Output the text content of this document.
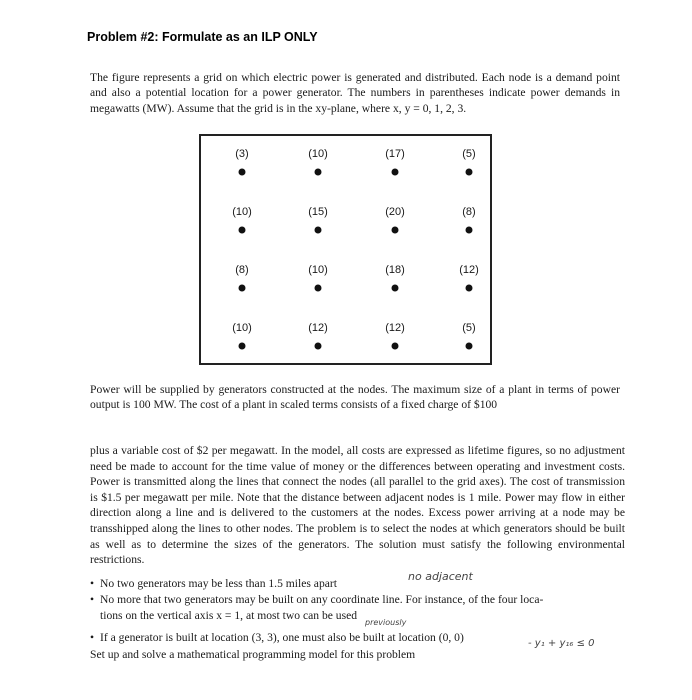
Problem #2: Formulate as an ILP ONLY

The figure represents a grid on which electric power is generated and distributed. Each node is a demand point and also a potential location for a power generator. The numbers in parentheses indicate power demands in megawatts (MW). Assume that the grid is in the xy-plane, where x, y = 0, 1, 2, 3.

(3)	(10)	(17)	(5)
(10)	(15)	(20)	(8)
(8)	(10)	(18)	(12)
(10)	(12)	(12)	(5)

Power will be supplied by generators constructed at the nodes. The maximum size of a plant in terms of power output is 100 MW. The cost of a plant in scaled terms consists of a fixed charge of $100

plus a variable cost of $2 per megawatt. In the model, all costs are expressed as lifetime figures, so no adjustment need be made to account for the time value of money or the differences between operating and investment costs. Power is transmitted along the lines that connect the nodes (all parallel to the grid axes). The cost of transmission is $1.5 per megawatt per mile. Note that the distance between adjacent nodes is 1 mile. Power may flow in either direction along a line and is delivered to the customers at the nodes. Excess power arriving at a node may be transshipped along the lines to other nodes. The problem is to select the nodes at which generators should be built as well as to determine the sizes of the generators. The solution must satisfy the following environmental restrictions.

• No two generators may be less than 1.5 miles apart
• No more that two generators may be built on any coordinate line. For instance, of the four loca-
tions on the vertical axis x = 1, at most two can be used
• If a generator is built at location (3, 3), one must also be built at location (0, 0)
Set up and solve a mathematical programming model for this problem
no adjacent
previously
- y₁ + y₁₆ ≤ 0
